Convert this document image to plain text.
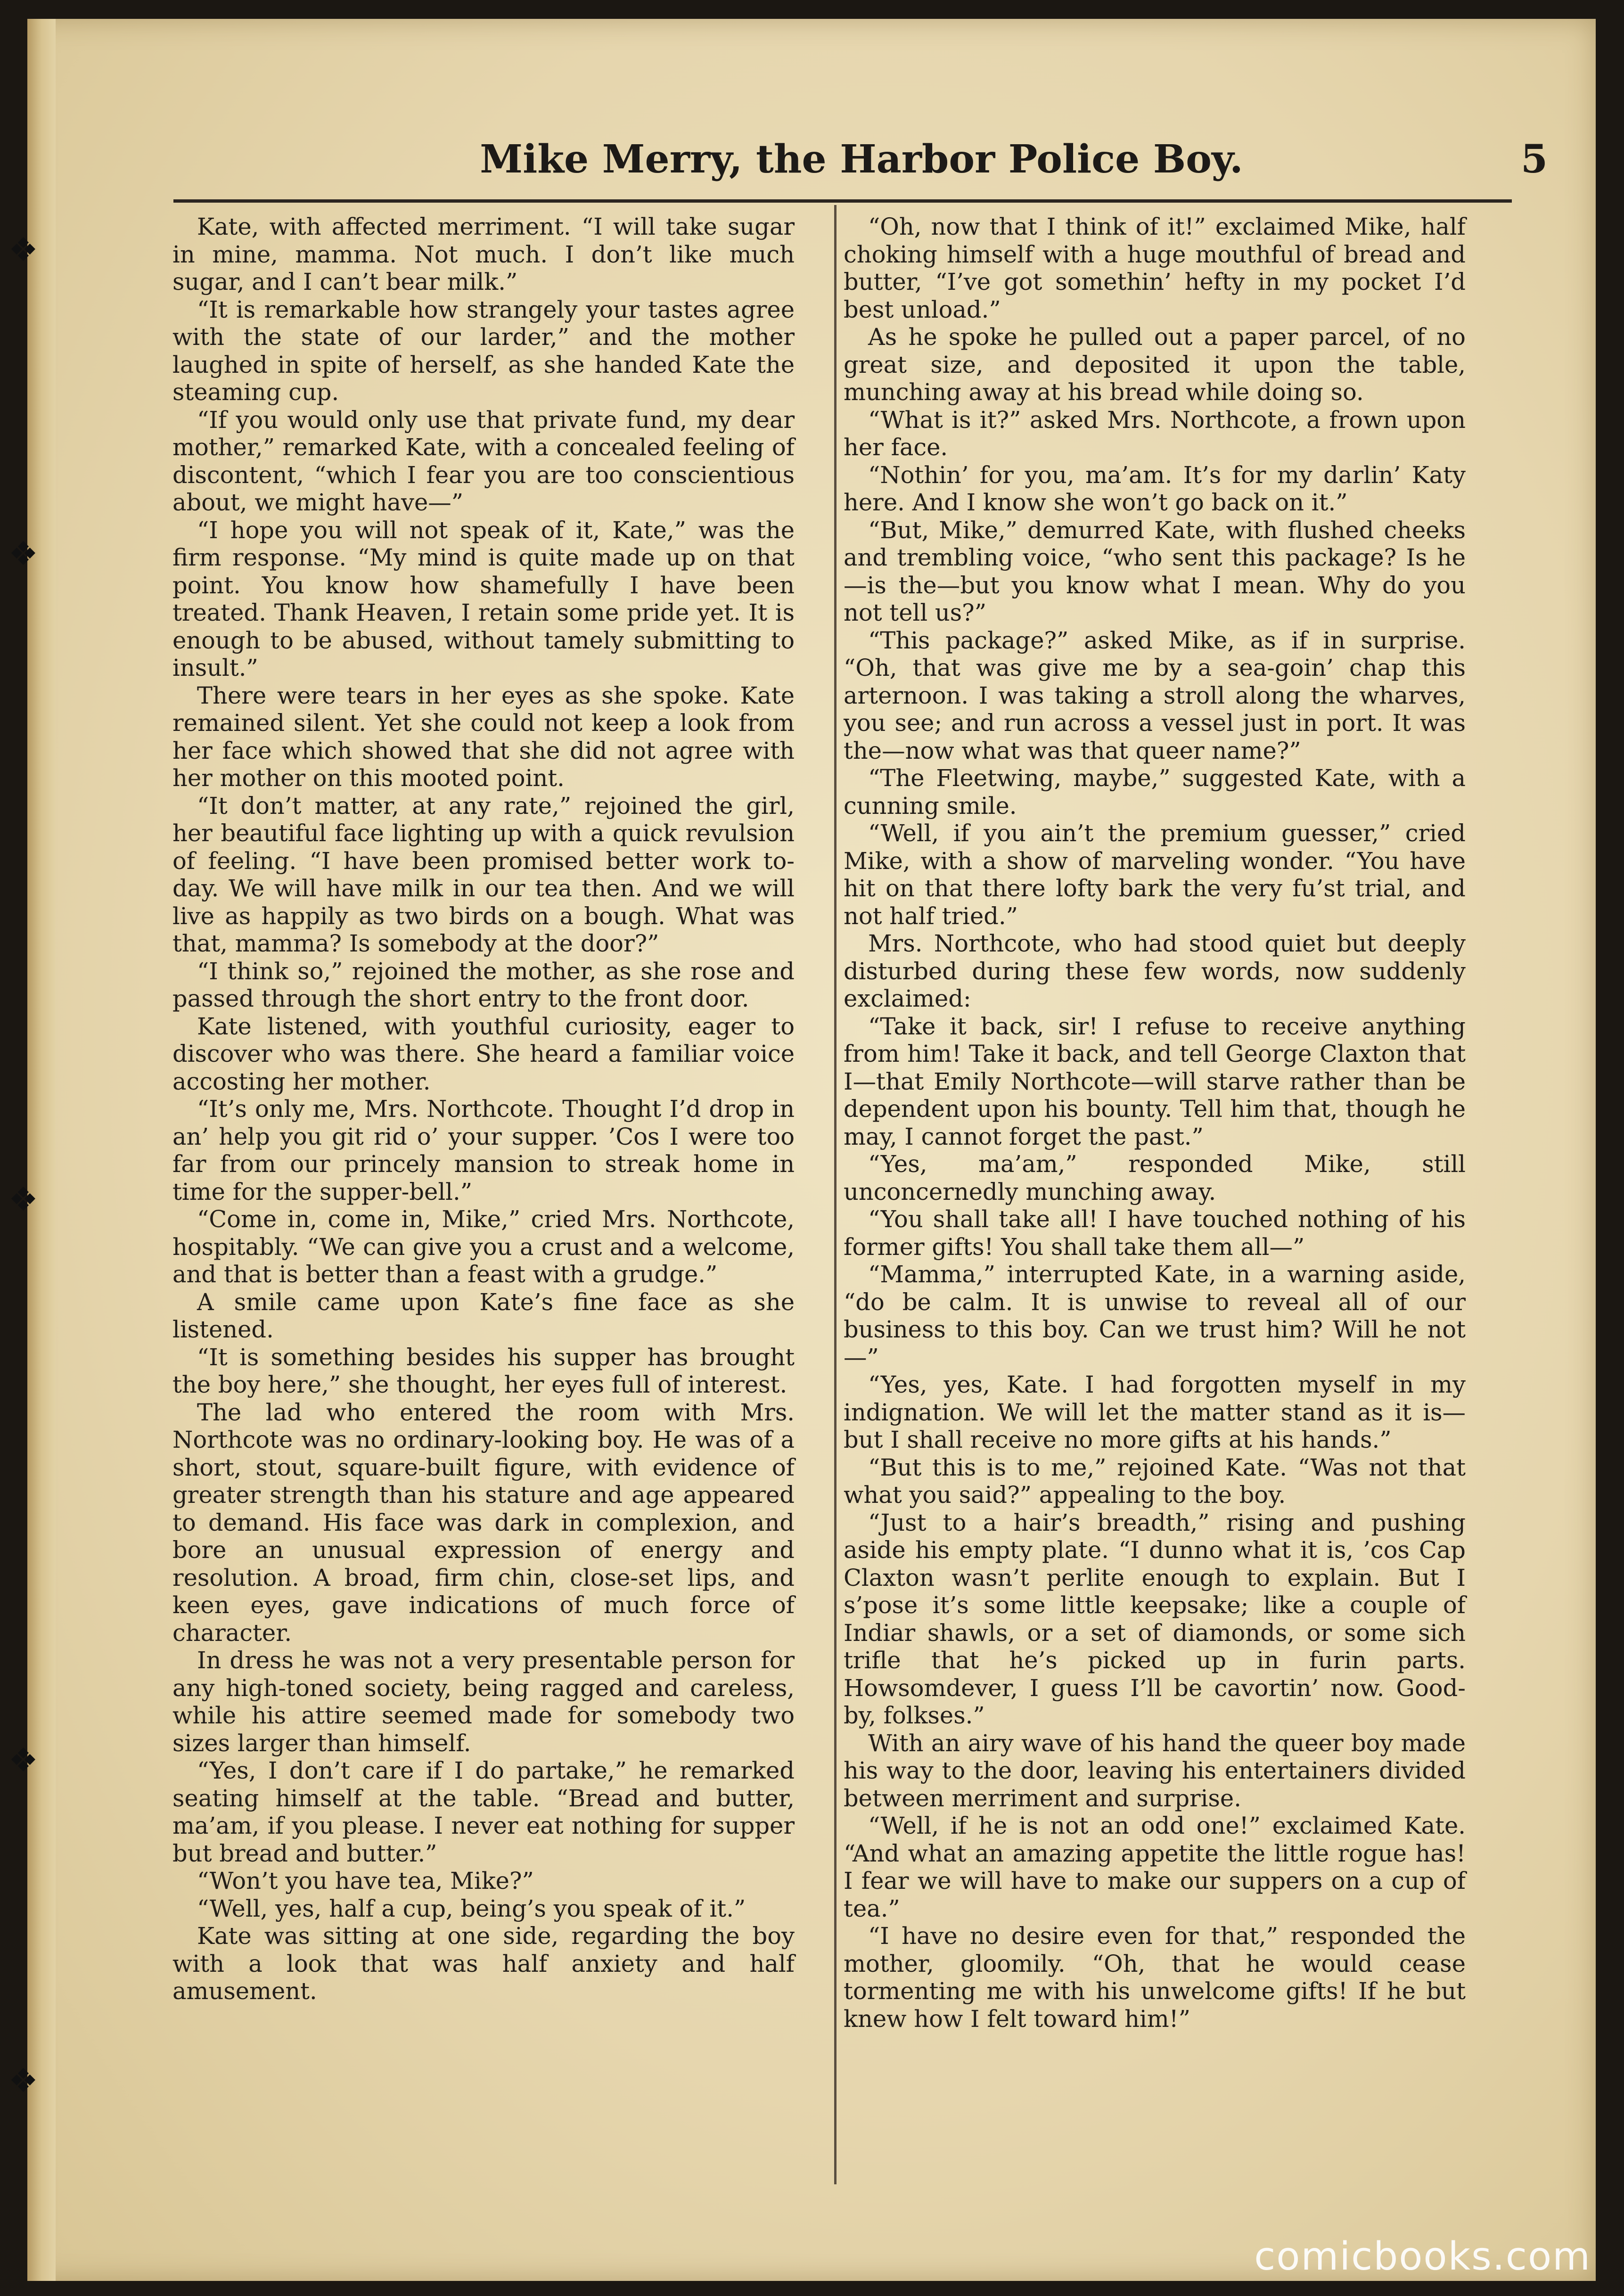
❖
❖
❖
❖
❖
Mike Merry, the Harbor Police Boy.	5

Kate, with affected merriment. “I will take sugar in mine, mamma. Not much. I don’t like much sugar, and I can’t bear milk.”

“It is remarkable how strangely your tastes agree with the state of our larder,” and the mother laughed in spite of herself, as she handed Kate the steaming cup.

“If you would only use that private fund, my dear mother,” remarked Kate, with a concealed feeling of discontent, “which I fear you are too conscientious about, we might have—”

“I hope you will not speak of it, Kate,” was the firm response. “My mind is quite made up on that point. You know how shamefully I have been treated. Thank Heaven, I retain some pride yet. It is enough to be abused, without tamely submitting to insult.”

There were tears in her eyes as she spoke. Kate remained silent. Yet she could not keep a look from her face which showed that she did not agree with her mother on this mooted point.

“It don’t matter, at any rate,” rejoined the girl, her beautiful face lighting up with a quick revulsion of feeling. “I have been promised better work to-day. We will have milk in our tea then. And we will live as happily as two birds on a bough. What was that, mamma? Is somebody at the door?”

“I think so,” rejoined the mother, as she rose and passed through the short entry to the front door.

Kate listened, with youthful curiosity, eager to discover who was there. She heard a familiar voice accosting her mother.

“It’s only me, Mrs. Northcote. Thought I’d drop in an’ help you git rid o’ your supper. ’Cos I were too far from our princely mansion to streak home in time for the supper-bell.”

“Come in, come in, Mike,” cried Mrs. Northcote, hospitably. “We can give you a crust and a welcome, and that is better than a feast with a grudge.”

A smile came upon Kate’s fine face as she listened.

“It is something besides his supper has brought the boy here,” she thought, her eyes full of interest.

The lad who entered the room with Mrs. Northcote was no ordinary-looking boy. He was of a short, stout, square-built figure, with evidence of greater strength than his stature and age appeared to demand. His face was dark in complexion, and bore an unusual expression of energy and resolution. A broad, firm chin, close-set lips, and keen eyes, gave indications of much force of character.

In dress he was not a very presentable person for any high-toned society, being ragged and careless, while his attire seemed made for somebody two sizes larger than himself.

“Yes, I don’t care if I do partake,” he remarked seating himself at the table. “Bread and butter, ma’am, if you please. I never eat nothing for supper but bread and butter.”

“Won’t you have tea, Mike?”

“Well, yes, half a cup, being’s you speak of it.”

Kate was sitting at one side, regarding the boy with a look that was half anxiety and half amusement.

“Oh, now that I think of it!” exclaimed Mike, half choking himself with a huge mouthful of bread and butter, “I’ve got somethin’ hefty in my pocket I’d best unload.”

As he spoke he pulled out a paper parcel, of no great size, and deposited it upon the table, munching away at his bread while doing so.

“What is it?” asked Mrs. Northcote, a frown upon her face.

“Nothin’ for you, ma’am. It’s for my darlin’ Katy here. And I know she won’t go back on it.”

“But, Mike,” demurred Kate, with flushed cheeks and trembling voice, “who sent this package? Is he—is the—but you know what I mean. Why do you not tell us?”

“This package?” asked Mike, as if in surprise. “Oh, that was give me by a sea-goin’ chap this arternoon. I was taking a stroll along the wharves, you see; and run across a vessel just in port. It was the—now what was that queer name?”

“The Fleetwing, maybe,” suggested Kate, with a cunning smile.

“Well, if you ain’t the premium guesser,” cried Mike, with a show of marveling wonder. “You have hit on that there lofty bark the very fu’st trial, and not half tried.”

Mrs. Northcote, who had stood quiet but deeply disturbed during these few words, now suddenly exclaimed:

“Take it back, sir! I refuse to receive anything from him! Take it back, and tell George Claxton that I—that Emily Northcote—will starve rather than be dependent upon his bounty. Tell him that, though he may, I cannot forget the past.”

“Yes, ma’am,” responded Mike, still unconcernedly munching away.

“You shall take all! I have touched nothing of his former gifts! You shall take them all—”

“Mamma,” interrupted Kate, in a warning aside, “do be calm. It is unwise to reveal all of our business to this boy. Can we trust him? Will he not—”

“Yes, yes, Kate. I had forgotten myself in my indignation. We will let the matter stand as it is—but I shall receive no more gifts at his hands.”

“But this is to me,” rejoined Kate. “Was not that what you said?” appealing to the boy.

“Just to a hair’s breadth,” rising and pushing aside his empty plate. “I dunno what it is, ’cos Cap Claxton wasn’t perlite enough to explain. But I s’pose it’s some little keepsake; like a couple of Indiar shawls, or a set of diamonds, or some sich trifle that he’s picked up in furin parts. Howsomdever, I guess I’ll be cavortin’ now. Good-by, folkses.”

With an airy wave of his hand the queer boy made his way to the door, leaving his entertainers divided between merriment and surprise.

“Well, if he is not an odd one!” exclaimed Kate. “And what an amazing appetite the little rogue has! I fear we will have to make our suppers on a cup of tea.”

“I have no desire even for that,” responded the mother, gloomily. “Oh, that he would cease tormenting me with his unwelcome gifts! If he but knew how I felt toward him!”

comicbooks.com
